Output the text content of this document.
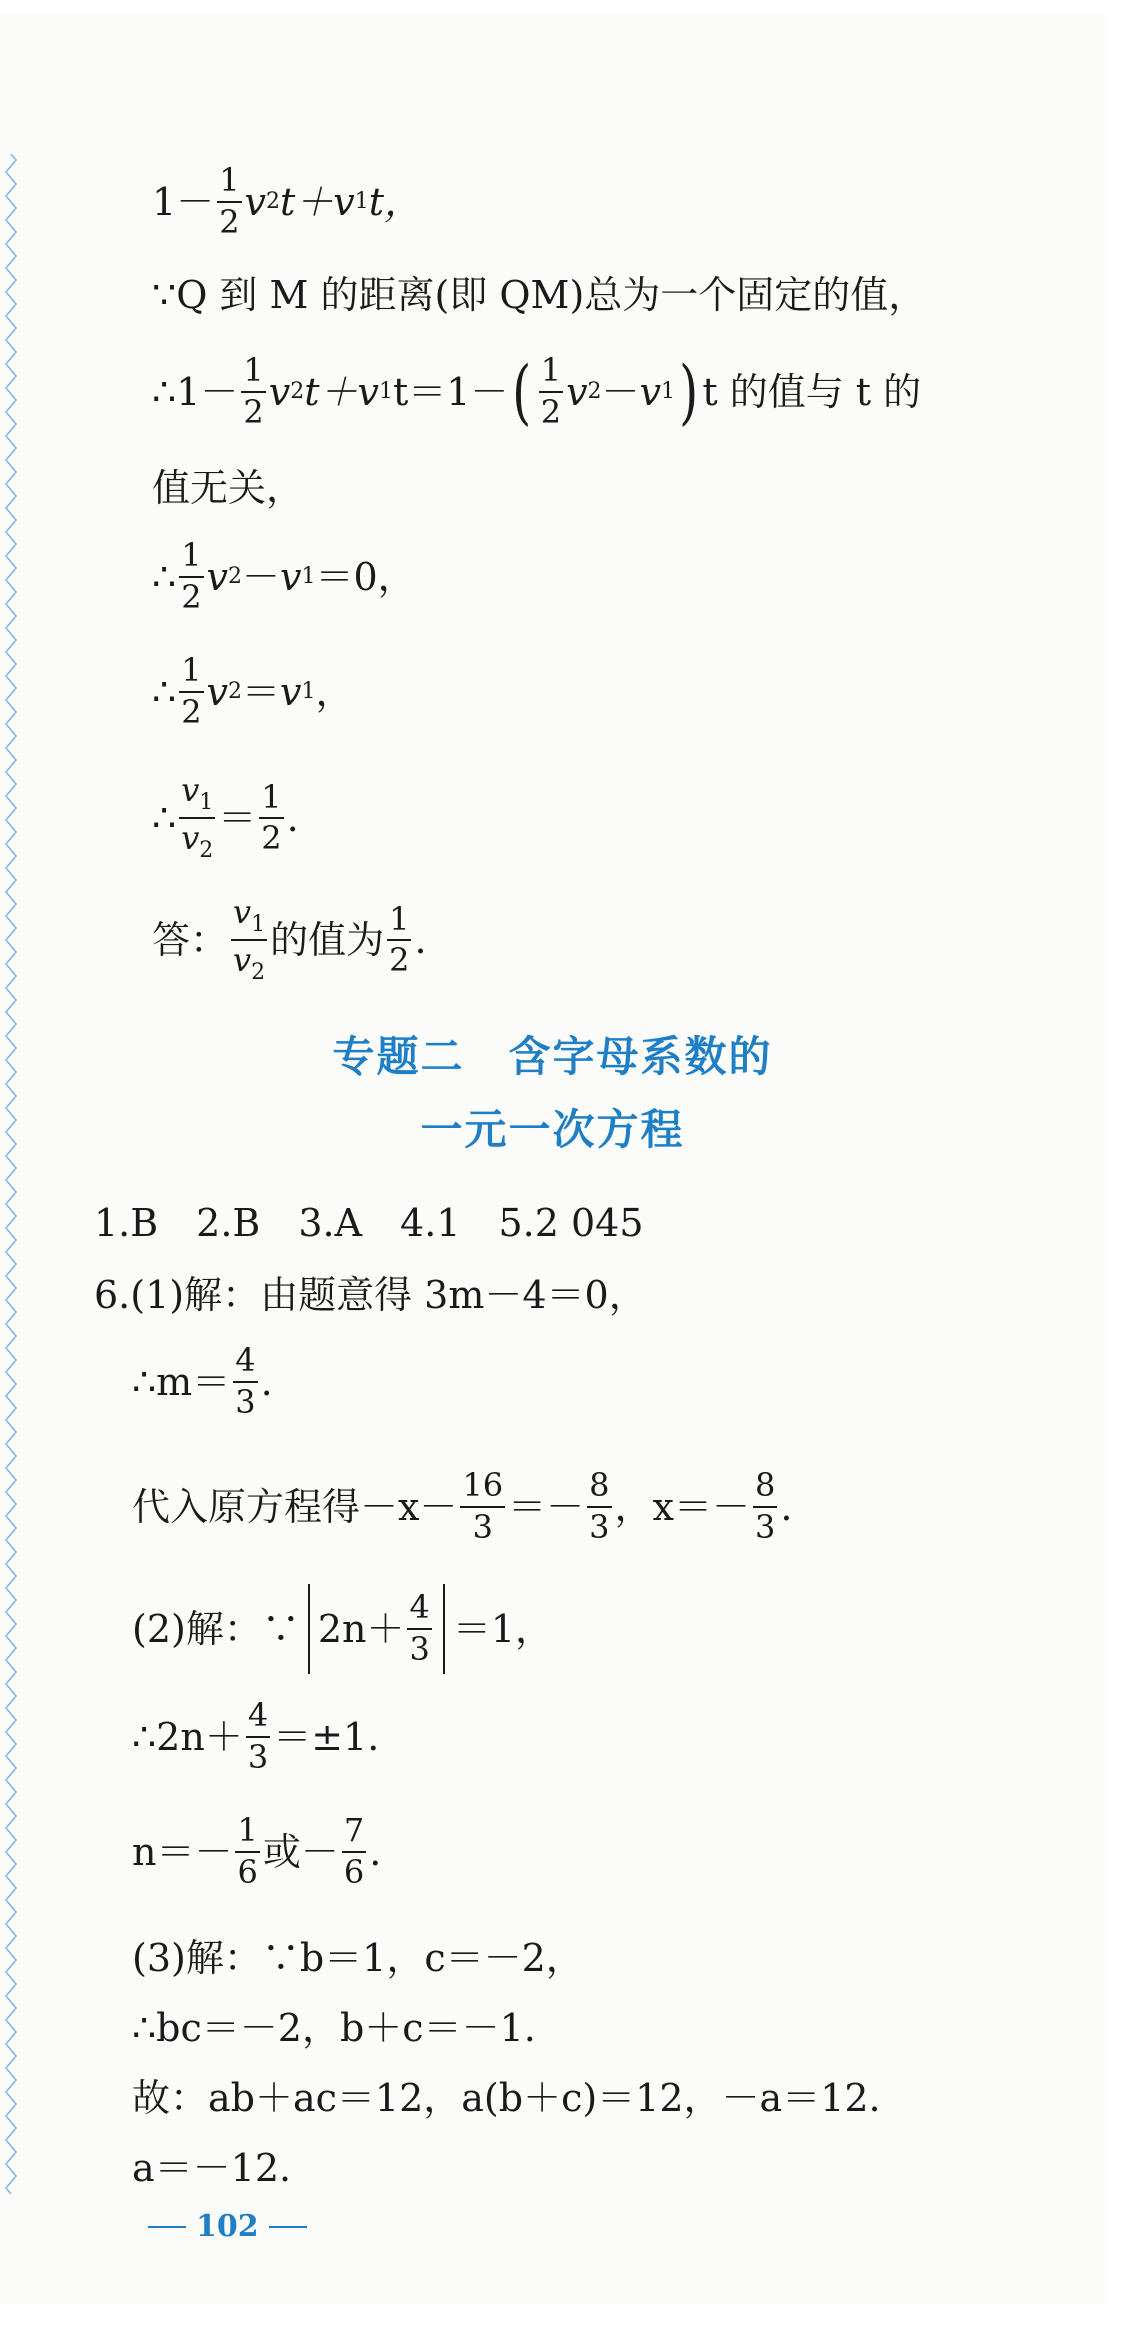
$1- \frac{1}{2}$ v 2 t＋ v 1 t，
∵ Q 到 M 的距离(即 QM)总为一个固定的值，
∴ $1- \frac{1}{2}$ v 2 t＋ v 1 t＝1－ ( $\frac{1}{2}$ v 2 － v 1 ) t 的值与 t 的
值无关，
∴ $\frac{1}{2}$ v 2 － v 1 ＝0，
∴ $\frac{1}{2}$ v 2 ＝ v 1 ，
∴ $\frac{v_1}{v_2} = \frac{1}{2}$ .
答： $\frac{v_1}{v_2}$ 的值为 $\frac{1}{2}$ .
专题二　含字母系数的
一元一次方程
1.B　2.B　3.A　4.1　5.2 045
6.(1)解：由题意得 3m－4＝0，
∴m＝ $\frac{4}{3}$ .
代入原方程得$-x- \frac{16}{3} =- \frac{8}{3}$ ，$x=- \frac{8}{3}$ .
(2)解：∵ $2n+ \frac{4}{3} =1$，
∴2n＋ $\frac{4}{3} =\pm 1$.
$n=- \frac{1}{6}$ 或－ $\frac{7}{6}$ .
(3)解：∵b＝1，c＝－2，
∴bc＝－2，b＋c＝－1.
故：ab＋ac＝12，a(b＋c)＝12，－a＝12.
a＝－12.
102
